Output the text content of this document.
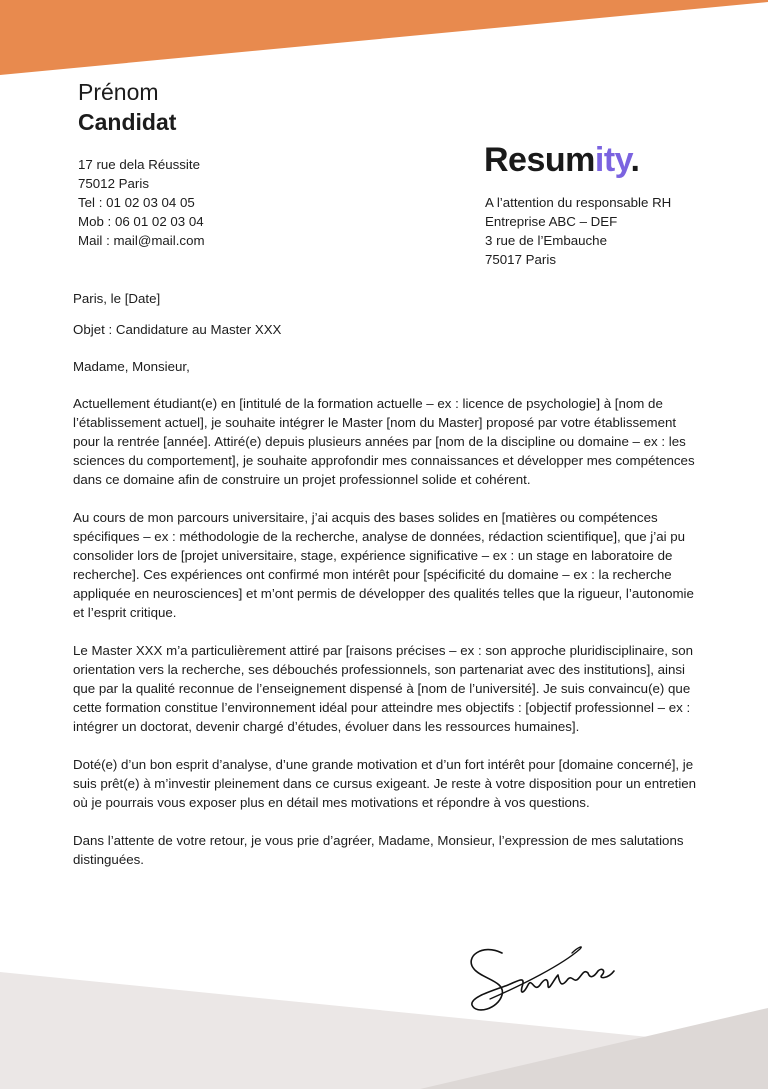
Prénom
Candidat
17 rue dela Réussite
75012 Paris
Tel : 01 02 03 04 05
Mob : 06 01 02 03 04
Mail : mail@mail.com
Resumity.
A l’attention du responsable RH
Entreprise ABC – DEF
3 rue de l’Embauche
75017 Paris
Paris, le [Date]
Objet : Candidature au Master XXX
Madame, Monsieur,

Actuellement étudiant(e) en [intitulé de la formation actuelle – ex : licence de psychologie] à [nom de l’établissement actuel], je souhaite intégrer le Master [nom du Master] proposé par votre établissement pour la rentrée [année]. Attiré(e) depuis plusieurs années par [nom de la discipline ou domaine – ex : les sciences du comportement], je souhaite approfondir mes connaissances et développer mes compétences dans ce domaine afin de construire un projet professionnel solide et cohérent.

Au cours de mon parcours universitaire, j’ai acquis des bases solides en [matières ou compétences spécifiques – ex : méthodologie de la recherche, analyse de données, rédaction scientifique], que j’ai pu consolider lors de [projet universitaire, stage, expérience significative – ex : un stage en laboratoire de recherche]. Ces expériences ont confirmé mon intérêt pour [spécificité du domaine – ex : la recherche appliquée en neurosciences] et m’ont permis de développer des qualités telles que la rigueur, l’autonomie et l’esprit critique.

Le Master XXX m’a particulièrement attiré par [raisons précises – ex : son approche pluridisciplinaire, son orientation vers la recherche, ses débouchés professionnels, son partenariat avec des institutions], ainsi que par la qualité reconnue de l’enseignement dispensé à [nom de l’université]. Je suis convaincu(e) que cette formation constitue l’environnement idéal pour atteindre mes objectifs : [objectif professionnel – ex : intégrer un doctorat, devenir chargé d’études, évoluer dans les ressources humaines].

Doté(e) d’un bon esprit d’analyse, d’une grande motivation et d’un fort intérêt pour [domaine concerné], je suis prêt(e) à m’investir pleinement dans ce cursus exigeant. Je reste à votre disposition pour un entretien où je pourrais vous exposer plus en détail mes motivations et répondre à vos questions.

Dans l’attente de votre retour, je vous prie d’agréer, Madame, Monsieur, l’expression de mes salutations distinguées.
